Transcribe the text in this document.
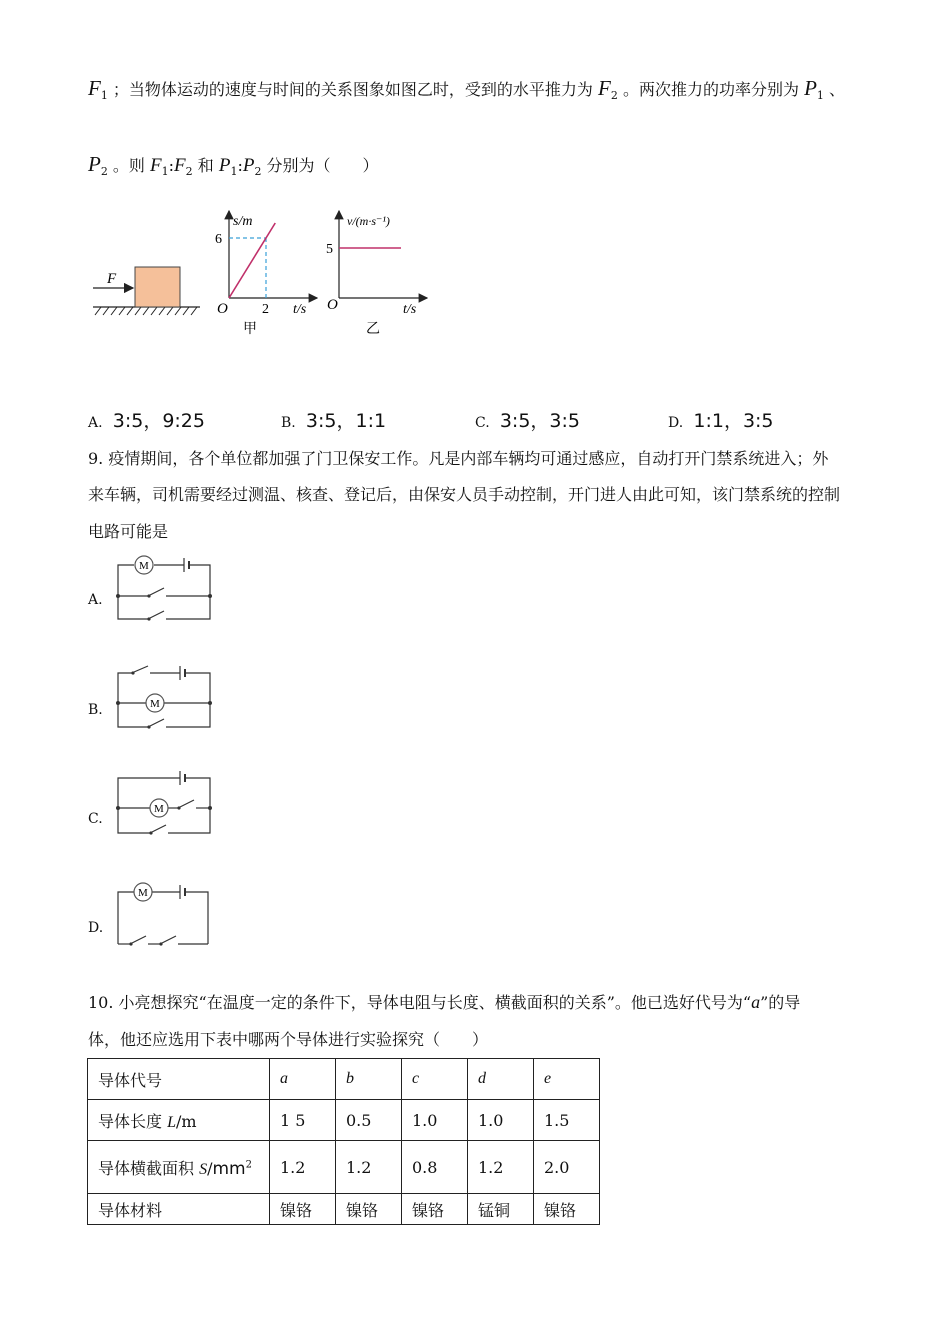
$F_1$ ；当物体运动的速度与时间的关系图象如图乙时，受到的水平推力为 $F_2$ 。两次推力的功率分别为 $P_1$ 、
$P_2$ 。则 $F_1:F_2$ 和 $P_1:P_2$ 分别为（　　）
F
s/m
6
O 2 t/s
甲
v/(m·s⁻¹)
5
O	t/s
乙
A. 3:5，9:25	B. 3:5，1:1	C. 3:5，3:5	D. 1:1，3:5
9. 疫情期间，各个单位都加强了门卫保安工作。凡是内部车辆均可通过感应，自动打开门禁系统进入；外
来车辆，司机需要经过测温、核查、登记后，由保安人员手动控制，开门进人由此可知，该门禁系统的控制
电路可能是
A.
M
B.	M
C.
M
D.
M
10. 小亮想探究“在温度一定的条件下，导体电阻与长度、横截面积的关系”。他已选好代号为“a”的导
体，他还应选用下表中哪两个导体进行实验探究（　　）
导体代号	a	b	c	d	e
导体长度 L/m	1 5	0.5	1.0	1.0	1.5
导体横截面积 $S/mm^2$	1.2	1.2	0.8	1.2	2.0
导体材料	镍铬	镍铬	镍铬	锰铜	镍铬
